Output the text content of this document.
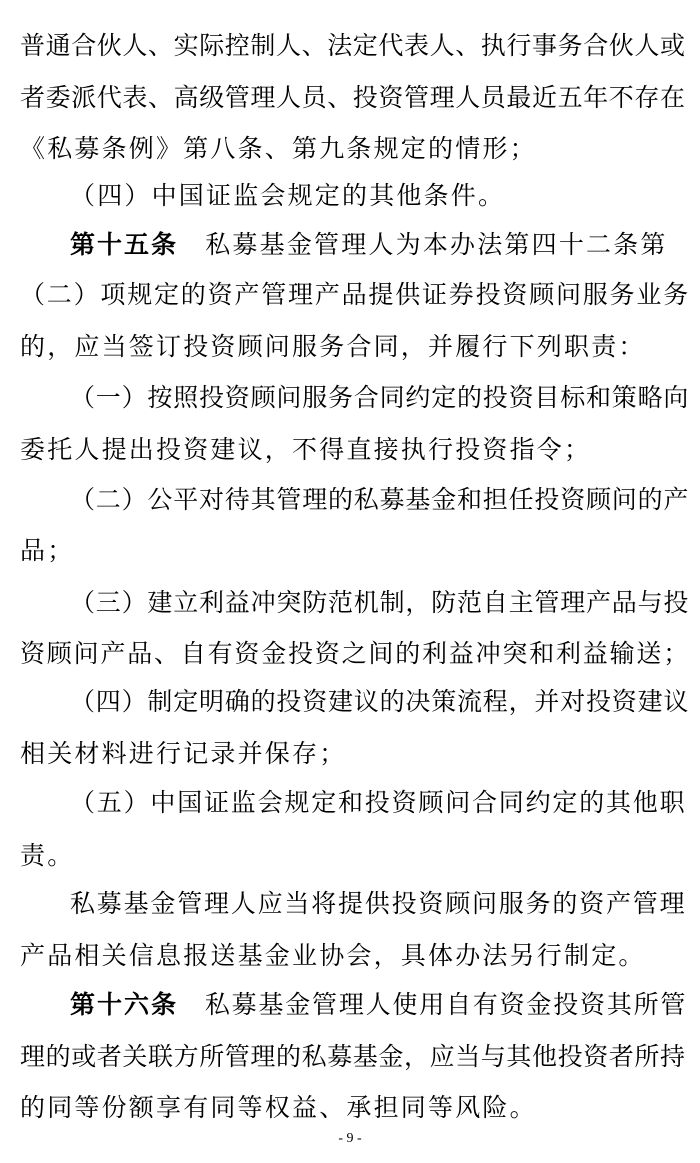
普通合伙人、实际控制人、法定代表人、执行事务合伙人或
者委派代表、高级管理人员、投资管理人员最近五年不存在
《私募条例》第八条、第九条规定的情形；
（四）中国证监会规定的其他条件。
第十五条　私募基金管理人为本办法第四十二条第
（二）项规定的资产管理产品提供证券投资顾问服务业务
的，应当签订投资顾问服务合同，并履行下列职责：
（一）按照投资顾问服务合同约定的投资目标和策略向
委托人提出投资建议，不得直接执行投资指令；
（二）公平对待其管理的私募基金和担任投资顾问的产
品；
（三）建立利益冲突防范机制，防范自主管理产品与投
资顾问产品、自有资金投资之间的利益冲突和利益输送；
（四）制定明确的投资建议的决策流程，并对投资建议
相关材料进行记录并保存；
（五）中国证监会规定和投资顾问合同约定的其他职
责。
私募基金管理人应当将提供投资顾问服务的资产管理
产品相关信息报送基金业协会，具体办法另行制定。
第十六条　私募基金管理人使用自有资金投资其所管
理的或者关联方所管理的私募基金，应当与其他投资者所持
的同等份额享有同等权益、承担同等风险。
- 9 -
